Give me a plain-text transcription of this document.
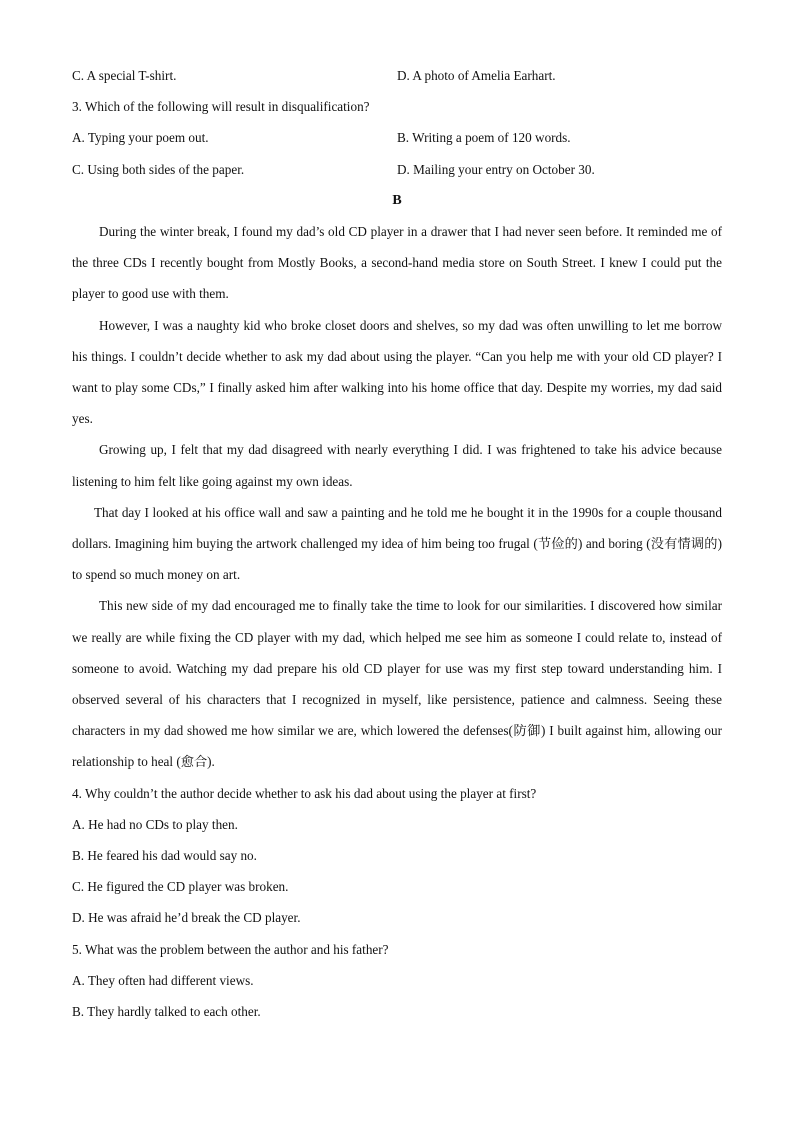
C. A special T-shirt.	D. A photo of Amelia Earhart.
3. Which of the following will result in disqualification?
A. Typing your poem out.	B. Writing a poem of 120 words.
C. Using both sides of the paper.	D. Mailing your entry on October 30.
B

During the winter break, I found my dad’s old CD player in a drawer that I had never seen before. It reminded me of the three CDs I recently bought from Mostly Books, a second-hand media store on South Street. I knew I could put the player to good use with them.

However, I was a naughty kid who broke closet doors and shelves, so my dad was often unwilling to let me borrow his things. I couldn’t decide whether to ask my dad about using the player. “Can you help me with your old CD player? I want to play some CDs,” I finally asked him after walking into his home office that day. Despite my worries, my dad said yes.

Growing up, I felt that my dad disagreed with nearly everything I did. I was frightened to take his advice because listening to him felt like going against my own ideas.

That day I looked at his office wall and saw a painting and he told me he bought it in the 1990s for a couple thousand dollars. Imagining him buying the artwork challenged my idea of him being too frugal (节俭的) and boring (没有情调的) to spend so much money on art.

This new side of my dad encouraged me to finally take the time to look for our similarities. I discovered how similar we really are while fixing the CD player with my dad, which helped me see him as someone I could relate to, instead of someone to avoid. Watching my dad prepare his old CD player for use was my first step toward understanding him. I observed several of his characters that I recognized in myself, like persistence, patience and calmness. Seeing these characters in my dad showed me how similar we are, which lowered the defenses(防御) I built against him, allowing our relationship to heal (愈合).

4. Why couldn’t the author decide whether to ask his dad about using the player at first?
A. He had no CDs to play then.
B. He feared his dad would say no.
C. He figured the CD player was broken.
D. He was afraid he’d break the CD player.
5. What was the problem between the author and his father?
A. They often had different views.
B. They hardly talked to each other.
